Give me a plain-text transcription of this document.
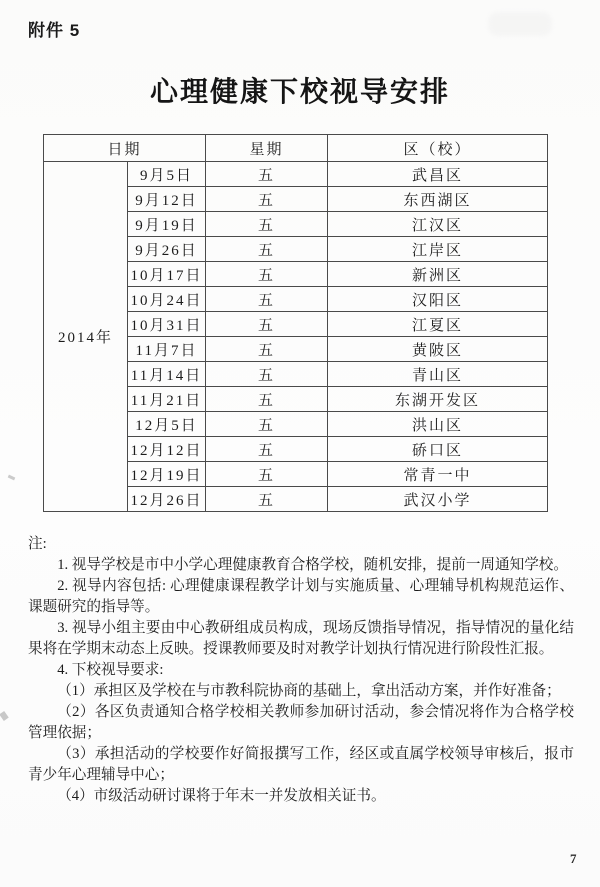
附件 5
心理健康下校视导安排
日期		星期	区（校）
2014年	9月5日	五	武昌区
	9月12日	五	东西湖区
	9月19日	五	江汉区
	9月26日	五	江岸区
	10月17日	五	新洲区
	10月24日	五	汉阳区
	10月31日	五	江夏区
	11月7日	五	黄陂区
	11月14日	五	青山区
	11月21日	五	东湖开发区
	12月5日	五	洪山区
	12月12日	五	硚口区
	12月19日	五	常青一中
	12月26日	五	武汉小学

注:

1. 视导学校是市中小学心理健康教育合格学校，随机安排，提前一周通知学校。

2. 视导内容包括: 心理健康课程教学计划与实施质量、心理辅导机构规范运作、课题研究的指导等。

3. 视导小组主要由中心教研组成员构成，现场反馈指导情况，指导情况的量化结果将在学期末动态上反映。授课教师要及时对教学计划执行情况进行阶段性汇报。

4. 下校视导要求:

（1）承担区及学校在与市教科院协商的基础上，拿出活动方案，并作好准备；

（2）各区负责通知合格学校相关教师参加研讨活动，参会情况将作为合格学校管理依据；

（3）承担活动的学校要作好简报撰写工作，经区或直属学校领导审核后，报市青少年心理辅导中心；

（4）市级活动研讨课将于年末一并发放相关证书。

7
